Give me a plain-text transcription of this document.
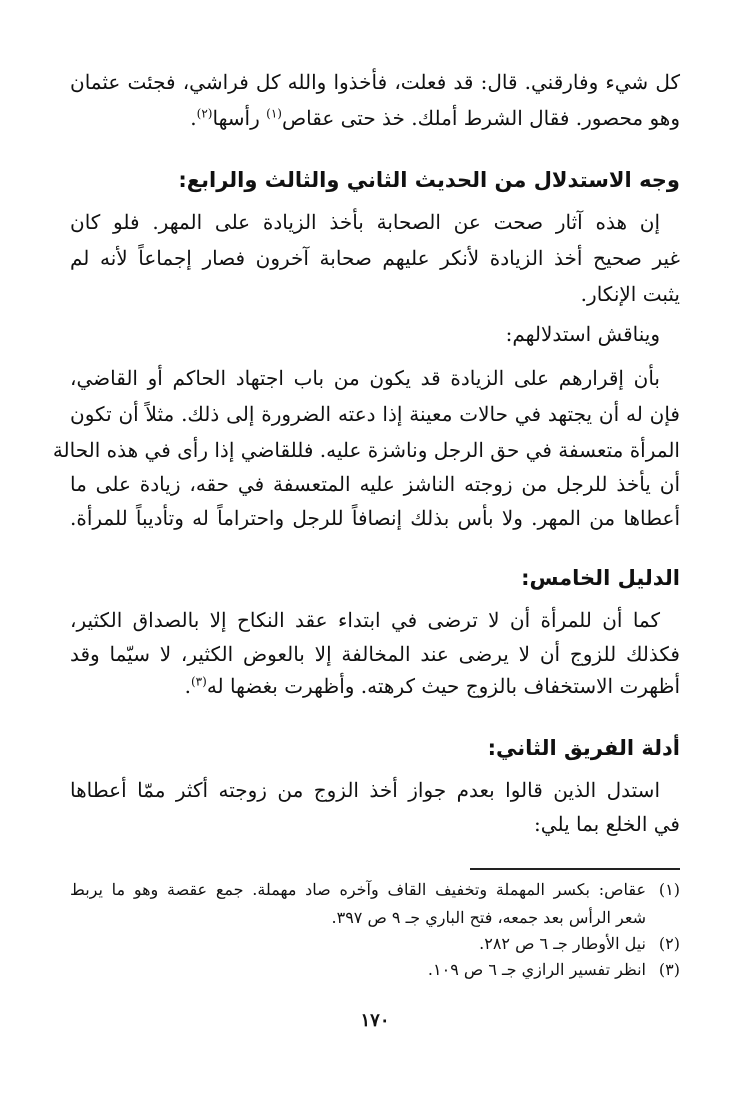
كل شيء وفارقني. قال: قد فعلت، فأخذوا والله كل فراشي، فجئت عثمان
وهو محصور. فقال الشرط أملك. خذ حتى عقاص$^{(١)}$ رأسها$^{(٢)}$.
وجه الاستدلال من الحديث الثاني والثالث والرابع:
إن هذه آثار صحت عن الصحابة بأخذ الزيادة على المهر. فلو كان
غير صحيح أخذ الزيادة لأنكر عليهم صحابة آخرون فصار إجماعاً لأنه لم
يثبت الإنكار.
ويناقش استدلالهم:
بأن إقرارهم على الزيادة قد يكون من باب اجتهاد الحاكم أو القاضي،
فإن له أن يجتهد في حالات معينة إذا دعته الضرورة إلى ذلك. مثلاً أن تكون
المرأة متعسفة في حق الرجل وناشزة عليه. فللقاضي إذا رأى في هذه الحالة
أن يأخذ للرجل من زوجته الناشز عليه المتعسفة في حقه، زيادة على ما
أعطاها من المهر. ولا بأس بذلك إنصافاً للرجل واحتراماً له وتأديباً للمرأة.
الدليل الخامس:
كما أن للمرأة أن لا ترضى في ابتداء عقد النكاح إلا بالصداق الكثير،
فكذلك للزوج أن لا يرضى عند المخالفة إلا بالعوض الكثير، لا سيّما وقد
أظهرت الاستخفاف بالزوج حيث كرهته. وأظهرت بغضها له$^{(٣)}$.
أدلة الفريق الثاني:
استدل الذين قالوا بعدم جواز أخذ الزوج من زوجته أكثر ممّا أعطاها
في الخلع بما يلي:
(١)عقاص: بكسر المهملة وتخفيف القاف وآخره صاد مهملة. جمع عقصة وهو ما يربط
شعر الرأس بعد جمعه، فتح الباري جـ ٩ ص ٣٩٧.
(٢)نيل الأوطار جـ ٦ ص ٢٨٢.
(٣)انظر تفسير الرازي جـ ٦ ص ١٠٩.
١٧٠
